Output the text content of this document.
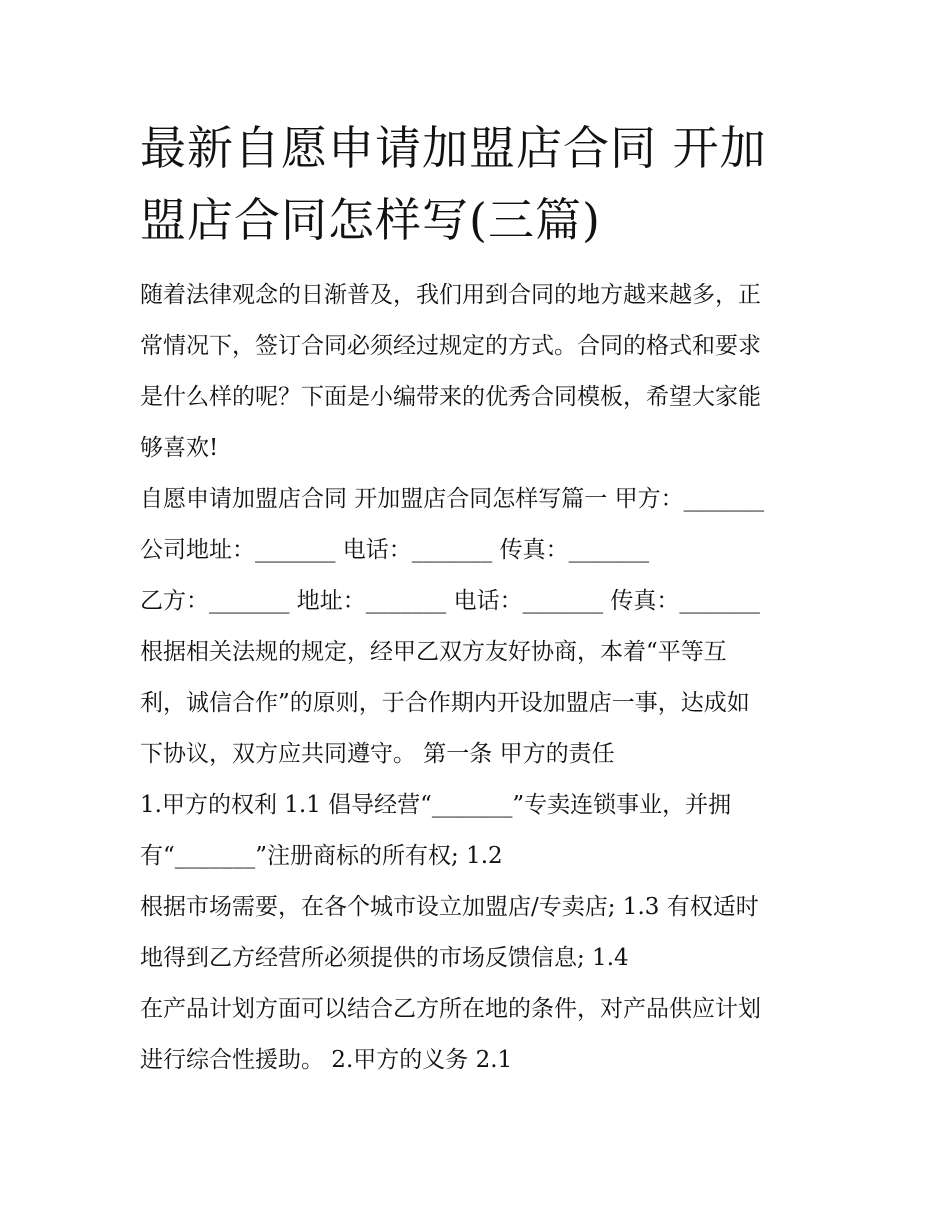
最新自愿申请加盟店合同 开加
盟店合同怎样写(三篇)
随着法律观念的日渐普及，我们用到合同的地方越来越多，正
常情况下，签订合同必须经过规定的方式。合同的格式和要求
是什么样的呢？下面是小编带来的优秀合同模板，希望大家能
够喜欢!
自愿申请加盟店合同 开加盟店合同怎样写篇一 甲方：_______
公司地址：_______ 电话：_______ 传真：_______
乙方：_______ 地址：_______ 电话：_______ 传真：_______
根据相关法规的规定，经甲乙双方友好协商，本着“平等互
利，诚信合作”的原则，于合作期内开设加盟店一事，达成如
下协议，双方应共同遵守。 第一条 甲方的责任
1.甲方的权利 1.1 倡导经营“_______”专卖连锁事业，并拥
有“_______”注册商标的所有权; 1.2
根据市场需要，在各个城市设立加盟店/专卖店; 1.3 有权适时
地得到乙方经营所必须提供的市场反馈信息; 1.4
在产品计划方面可以结合乙方所在地的条件，对产品供应计划
进行综合性援助。 2.甲方的义务 2.1
